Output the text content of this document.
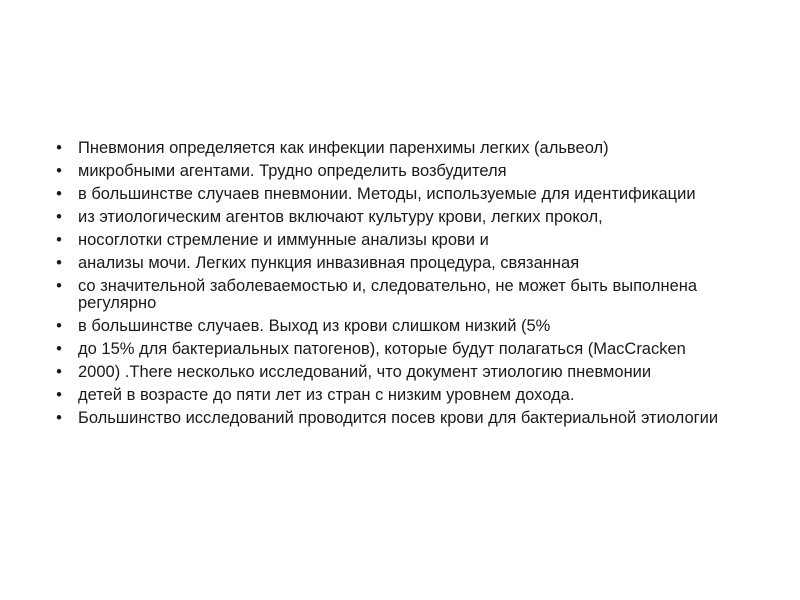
• Пневмония определяется как инфекции паренхимы легких (альвеол)
• микробными агентами. Трудно определить возбудителя
• в большинстве случаев пневмонии. Методы, используемые для идентификации
• из этиологическим агентов включают культуру крови, легких прокол,
• носоглотки стремление и иммунные анализы крови и
• анализы мочи. Легких пункция инвазивная процедура, связанная
• со значительной заболеваемостью и, следовательно, не может быть выполнена регулярно
• в большинстве случаев. Выход из крови слишком низкий (5%
• до 15% для бактериальных патогенов), которые будут полагаться (MacCracken
• 2000) .There несколько исследований, что документ этиологию пневмонии
• детей в возрасте до пяти лет из стран с низким уровнем дохода.
• Большинство исследований проводится посев крови для бактериальной этиологии
